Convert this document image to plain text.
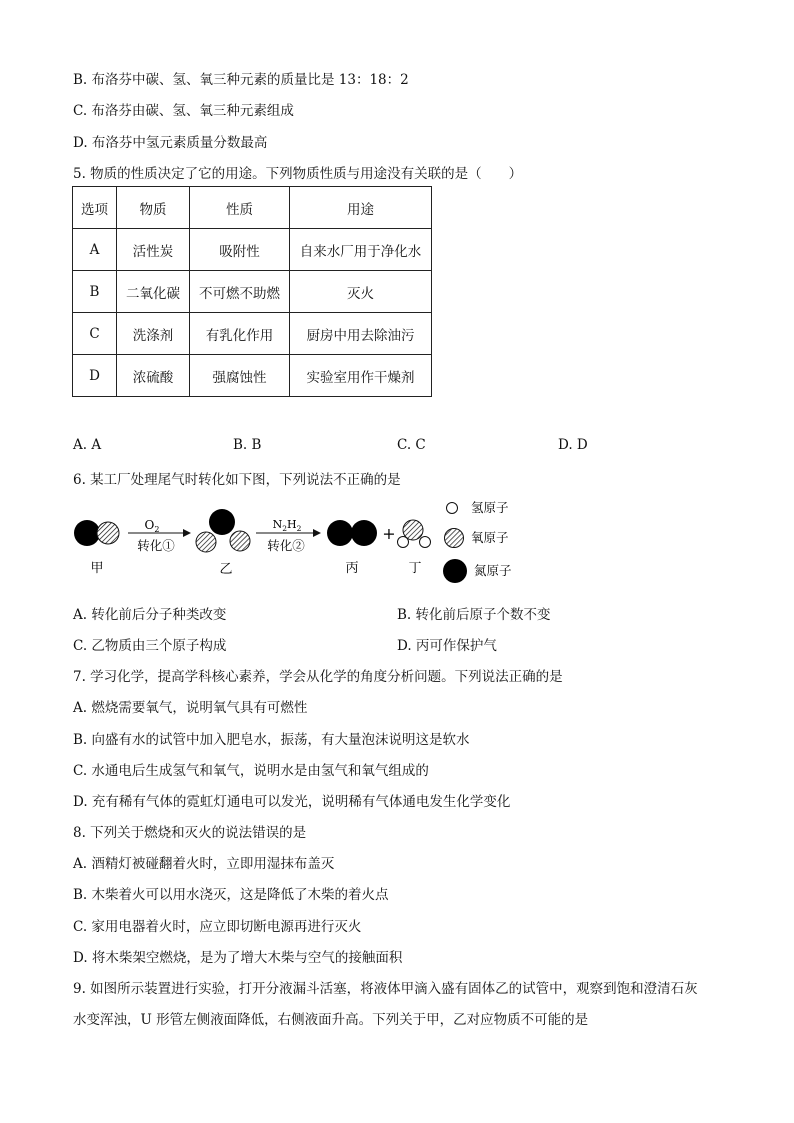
B. 布洛芬中碳、氢、氧三种元素的质量比是 13：18：2
C. 布洛芬由碳、氢、氧三种元素组成
D. 布洛芬中氢元素质量分数最高
5. 物质的性质决定了它的用途。下列物质性质与用途没有关联的是（　　）
选项	物质	性质	用途
A	活性炭	吸附性	自来水厂用于净化水
B	二氧化碳	不可燃不助燃	灭火
C	洗涤剂	有乳化作用	厨房中用去除油污
D	浓硫酸	强腐蚀性	实验室用作干燥剂
A. A	B. B	C. C	D. D
6. 某工厂处理尾气时转化如下图，下列说法不正确的是
甲
$O_2$
转化①
乙
$N_2H_2$
转化②
丙
+
丁
氢原子
氧原子
氮原子
A. 转化前后分子种类改变	B. 转化前后原子个数不变
C. 乙物质由三个原子构成	D. 丙可作保护气
7. 学习化学，提高学科核心素养，学会从化学的角度分析问题。下列说法正确的是
A. 燃烧需要氧气，说明氧气具有可燃性
B. 向盛有水的试管中加入肥皂水，振荡，有大量泡沫说明这是软水
C. 水通电后生成氢气和氧气，说明水是由氢气和氧气组成的
D. 充有稀有气体的霓虹灯通电可以发光，说明稀有气体通电发生化学变化
8. 下列关于燃烧和灭火的说法错误的是
A. 酒精灯被碰翻着火时，立即用湿抹布盖灭
B. 木柴着火可以用水浇灭，这是降低了木柴的着火点
C. 家用电器着火时，应立即切断电源再进行灭火
D. 将木柴架空燃烧，是为了增大木柴与空气的接触面积
9. 如图所示装置进行实验，打开分液漏斗活塞，将液体甲滴入盛有固体乙的试管中，观察到饱和澄清石灰
水变浑浊，U 形管左侧液面降低，右侧液面升高。下列关于甲，乙对应物质不可能的是
